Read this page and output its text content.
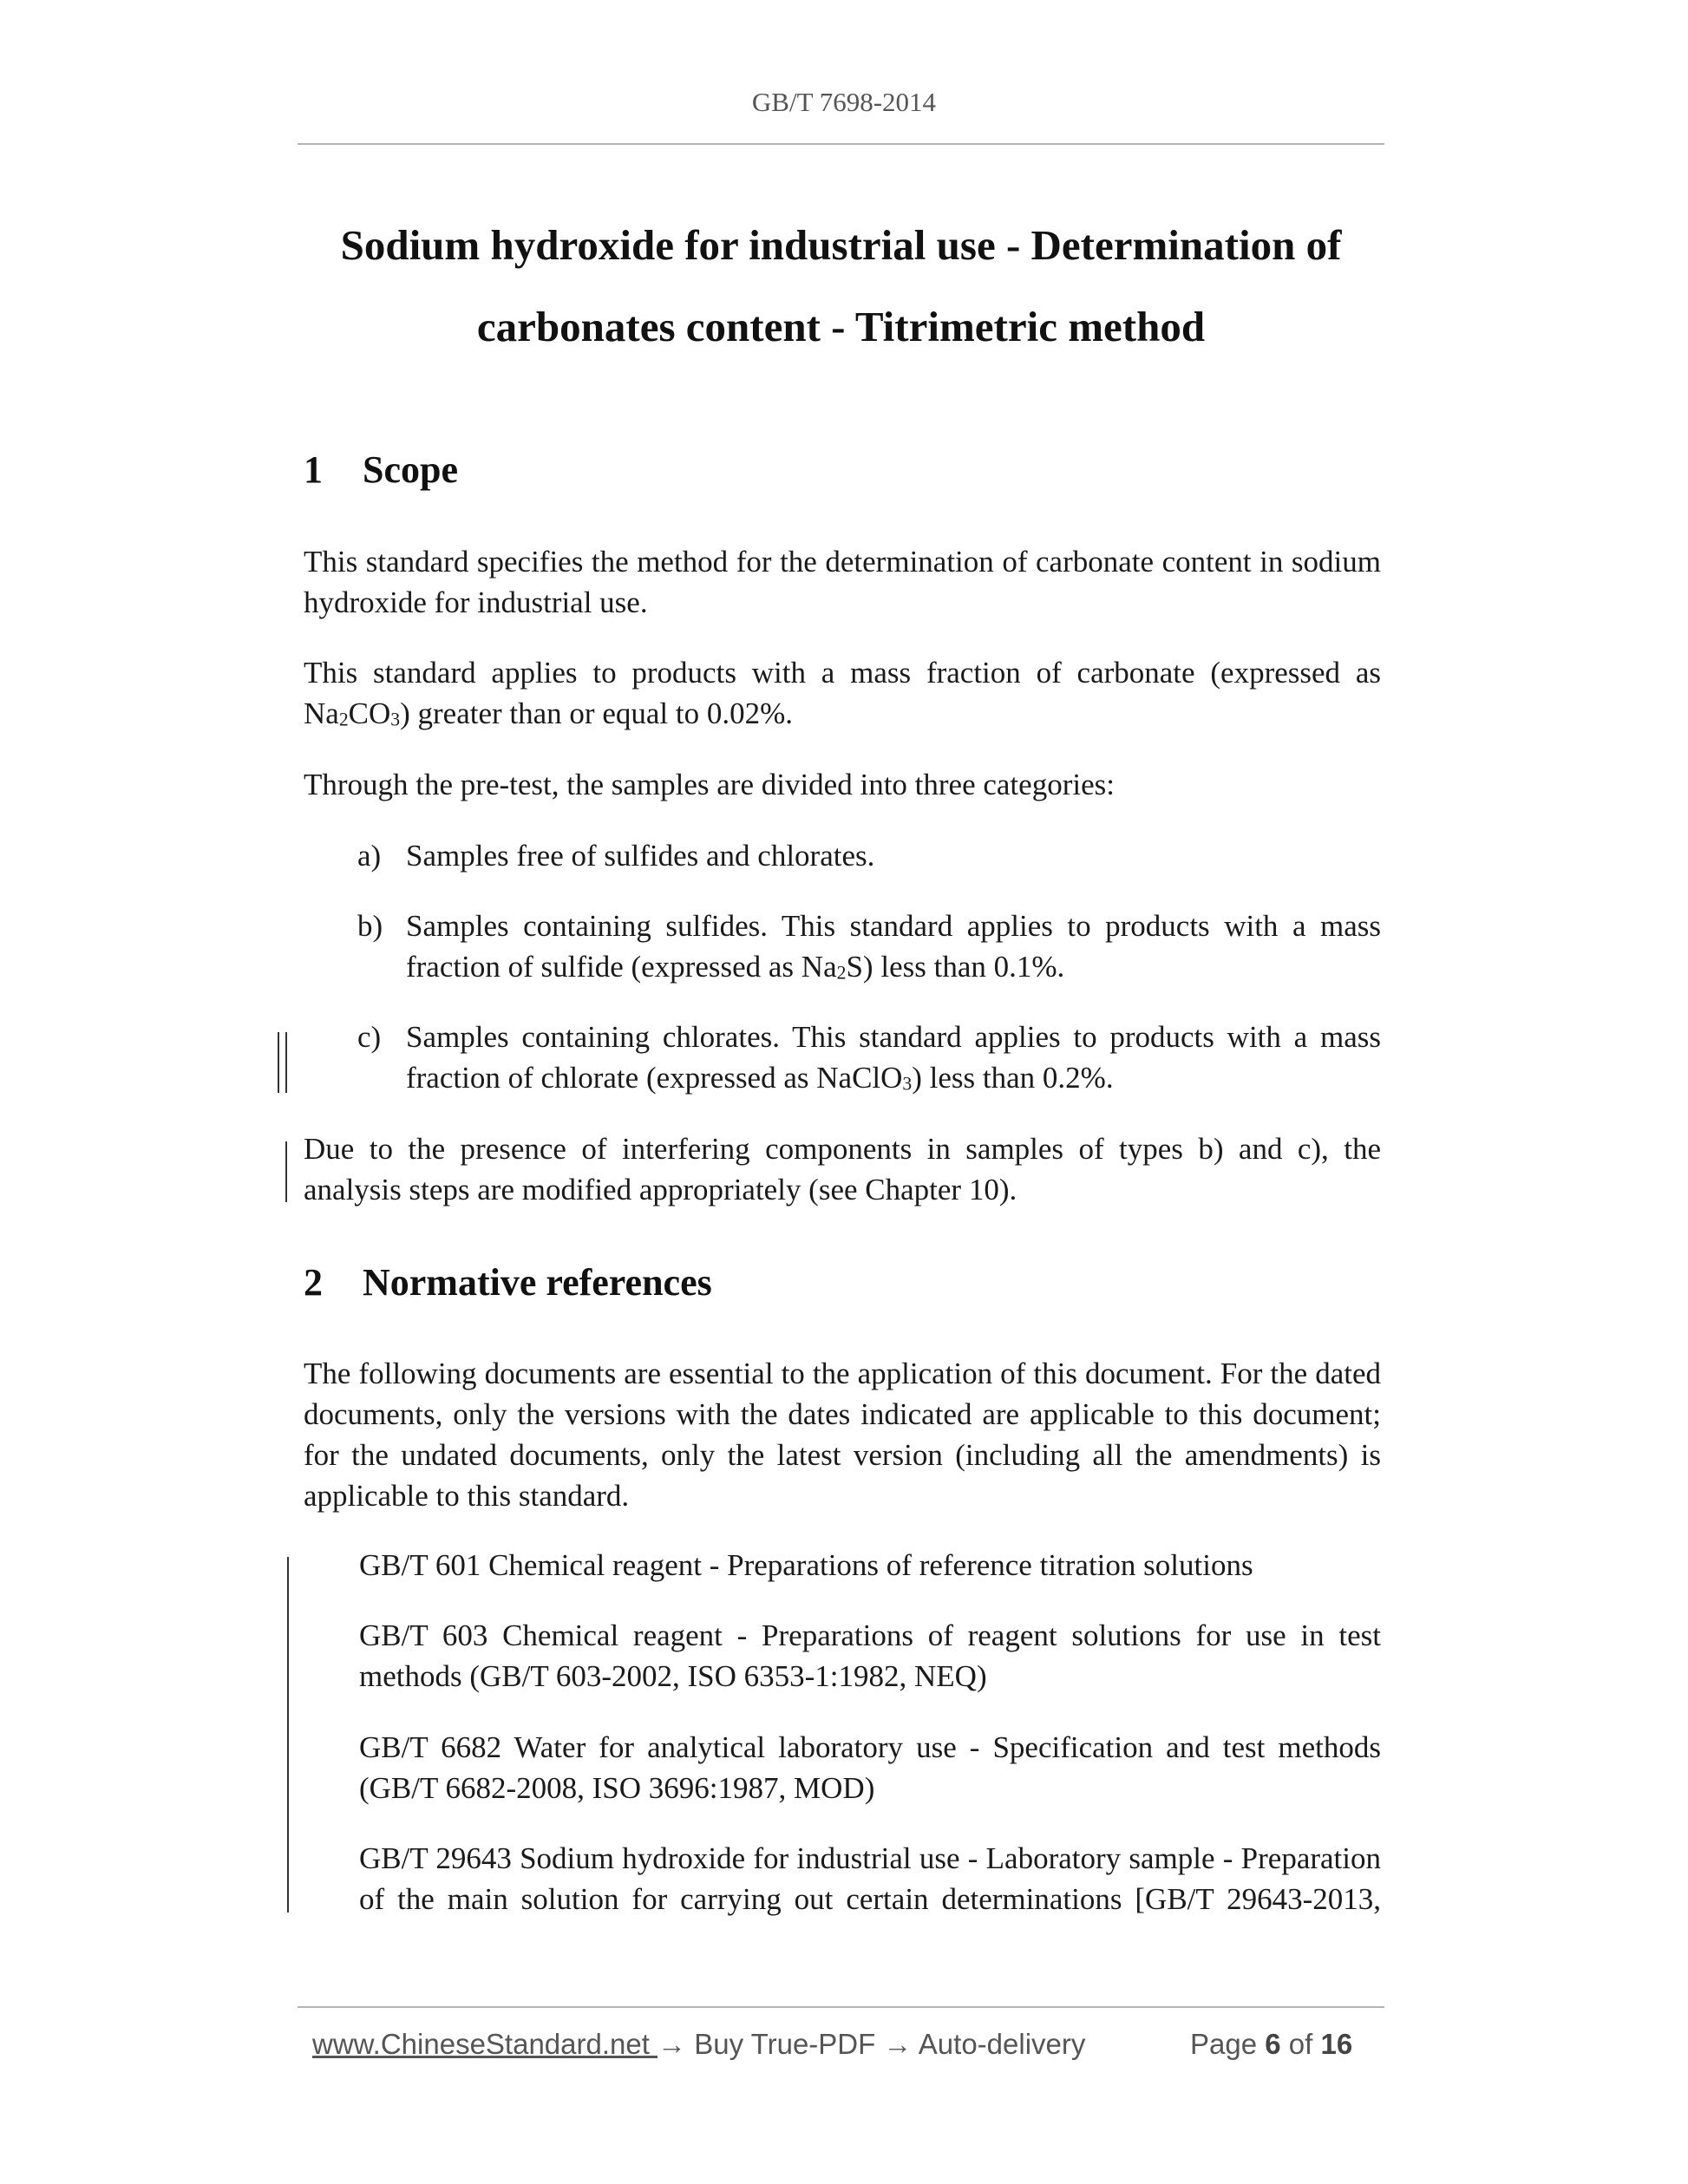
GB/T 7698-2014
Sodium hydroxide for industrial use - Determination of
carbonates content - Titrimetric method
1 Scope
This standard specifies the method for the determination of carbonate content in sodium hydroxide for industrial use.
This standard applies to products with a mass fraction of carbonate (expressed as $Na_2CO_3$) greater than or equal to 0.02%.
Through the pre-test, the samples are divided into three categories:
a) Samples free of sulfides and chlorates.
b) Samples containing sulfides. This standard applies to products with a mass fraction of sulfide (expressed as $Na_2S$) less than 0.1%.
c) Samples containing chlorates. This standard applies to products with a mass fraction of chlorate (expressed as NaClO$_3$) less than 0.2%.
Due to the presence of interfering components in samples of types b) and c), the analysis steps are modified appropriately (see Chapter 10).
2 Normative references
The following documents are essential to the application of this document. For the dated documents, only the versions with the dates indicated are applicable to this document; for the undated documents, only the latest version (including all the amendments) is applicable to this standard.
GB/T 601 Chemical reagent - Preparations of reference titration solutions
GB/T 603 Chemical reagent - Preparations of reagent solutions for use in test methods (GB/T 603-2002, ISO 6353-1:1982, NEQ)
GB/T 6682 Water for analytical laboratory use - Specification and test methods (GB/T 6682-2008, ISO 3696:1987, MOD)
GB/T 29643 Sodium hydroxide for industrial use - Laboratory sample - Preparation of the main solution for carrying out certain determinations [GB/T 29643-2013,
www.ChineseStandard.net → Buy True-PDF → Auto-delivery	Page 6 of 16
